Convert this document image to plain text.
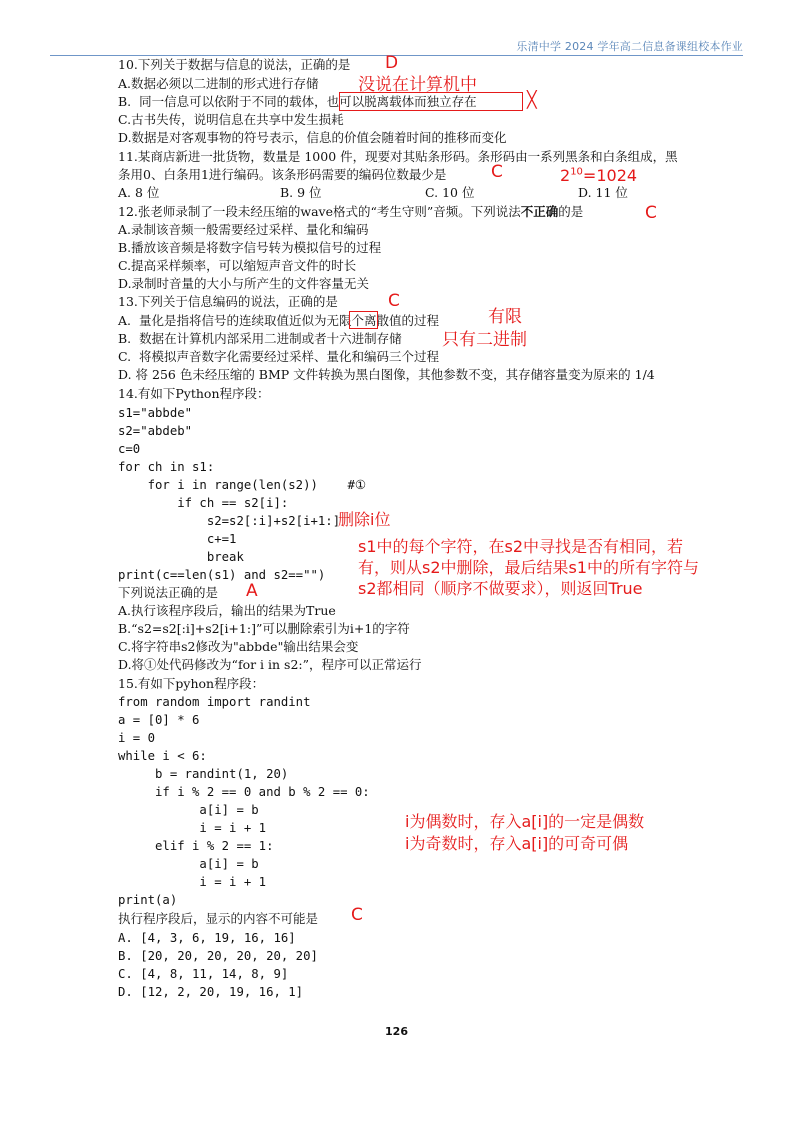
乐清中学 2024 学年高二信息备课组校本作业
10.下列关于数据与信息的说法，正确的是 D
A.数据必须以二进制的形式进行存储 没说在计算机中
B.  同一信息可以依附于不同的载体，也可以脱离载体而独立存在	╳
C.古书失传，说明信息在共享中发生损耗
D.数据是对客观事物的符号表示，信息的价值会随着时间的推移而变化
11.某商店新进一批货物，数量是 1000 件，现要对其贴条形码。条形码由一系列黑条和白条组成，黑
条用0、白条用1进行编码。该条形码需要的编码位数最少是	C	$2^{10}=1024$
A. 8 位	B. 9 位	C. 10 位	D. 11 位
12.张老师录制了一段未经压缩的wave格式的“考生守则”音频。下列说法不正确的是	C
A.录制该音频一般需要经过采样、量化和编码
B.播放该音频是将数字信号转为模拟信号的过程
C.提高采样频率，可以缩短声音文件的时长
D.录制时音量的大小与所产生的文件容量无关
13.下列关于信息编码的说法，正确的是	C
有限
A.  量化是指将信号的连续取值近似为无限个离散值的过程
B.  数据在计算机内部采用二进制或者十六进制存储 只有二进制
C.  将模拟声音数字化需要经过采样、量化和编码三个过程
D. 将 256 色未经压缩的 BMP 文件转换为黑白图像，其他参数不变，其存储容量变为原来的 1/4
14.有如下Python程序段：
s1="abbde"
s2="abdeb"
c=0
for ch in s1:
for i in range(len(s2))    #①
if ch == s2[i]:
s2=s2[:i]+s2[i+1:]
删除i位
c+=1
break
print(c==len(s1) and s2=="")
s1中的每个字符，在s2中寻找是否有相同，若
有，则从s2中删除，最后结果s1中的所有字符与
s2都相同（顺序不做要求），则返回True
下列说法正确的是 A
A.执行该程序段后，输出的结果为True
B.“s2=s2[:i]+s2[i+1:]”可以删除索引为i+1的字符
C.将字符串s2修改为"abbde"输出结果会变
D.将①处代码修改为“for i in s2:”，程序可以正常运行
15.有如下pyhon程序段：
from random import randint
a = [0] * 6
i = 0
while i < 6:
b = randint(1, 20)
if i % 2 == 0 and b % 2 == 0:
a[i] = b
i = i + 1
elif i % 2 == 1:
a[i] = b
i = i + 1
print(a)
i为偶数时，存入a[i]的一定是偶数
i为奇数时，存入a[i]的可奇可偶
执行程序段后，显示的内容不可能是 C
A. [4, 3, 6, 19, 16, 16]
B. [20, 20, 20, 20, 20, 20]
C. [4, 8, 11, 14, 8, 9]
D. [12, 2, 20, 19, 16, 1]
126
